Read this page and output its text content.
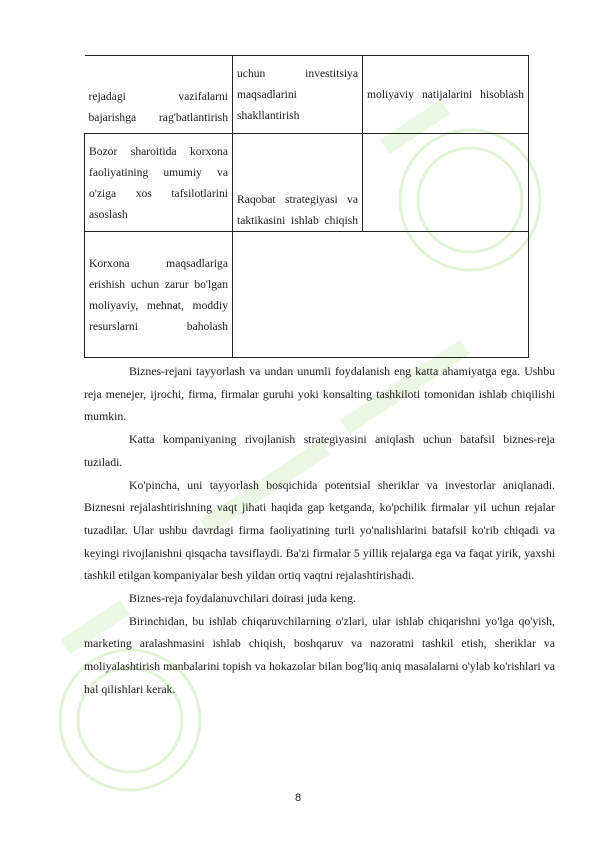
rejadagi vazifalarni bajarishga rag'batlantirish	uchun investitsiya maqsadlarini shakllantirish	moliyaviy natijalarini hisoblash
Bozor sharoitida korxona faoliyatining umumiy va o'ziga xos tafsilotlarini asoslash	Raqobat strategiyasi va taktikasini ishlab chiqish	
Korxona maqsadlariga erishish uchun zarur bo'lgan moliyaviy, mehnat, moddiy resurslarni baholash		

Biznes-rejani tayyorlash va undan unumli foydalanish eng katta ahamiyatga ega. Ushbu reja menejer, ijrochi, firma, firmalar guruhi yoki konsalting tashkiloti tomonidan ishlab chiqilishi mumkin.

Katta kompaniyaning rivojlanish strategiyasini aniqlash uchun batafsil biznes-reja tuziladi.

Ko'pincha, uni tayyorlash bosqichida potentsial sheriklar va investorlar aniqlanadi. Biznesni rejalashtirishning vaqt jihati haqida gap ketganda, ko'pchilik firmalar yil uchun rejalar tuzadilar. Ular ushbu davrdagi firma faoliyatining turli yo'nalishlarini batafsil ko'rib chiqadi va keyingi rivojlanishni qisqacha tavsiflaydi. Ba'zi firmalar 5 yillik rejalarga ega va faqat yirik, yaxshi tashkil etilgan kompaniyalar besh yildan ortiq vaqtni rejalashtirishadi.

Biznes-reja foydalanuvchilari doirasi juda keng.

Birinchidan, bu ishlab chiqaruvchilarning o'zlari, ular ishlab chiqarishni yo'lga qo'yish, marketing aralashmasini ishlab chiqish, boshqaruv va nazoratni tashkil etish, sheriklar va moliyalashtirish manbalarini topish va hokazolar bilan bog'liq aniq masalalarni o'ylab ko'rishlari va hal qilishlari kerak.

8
